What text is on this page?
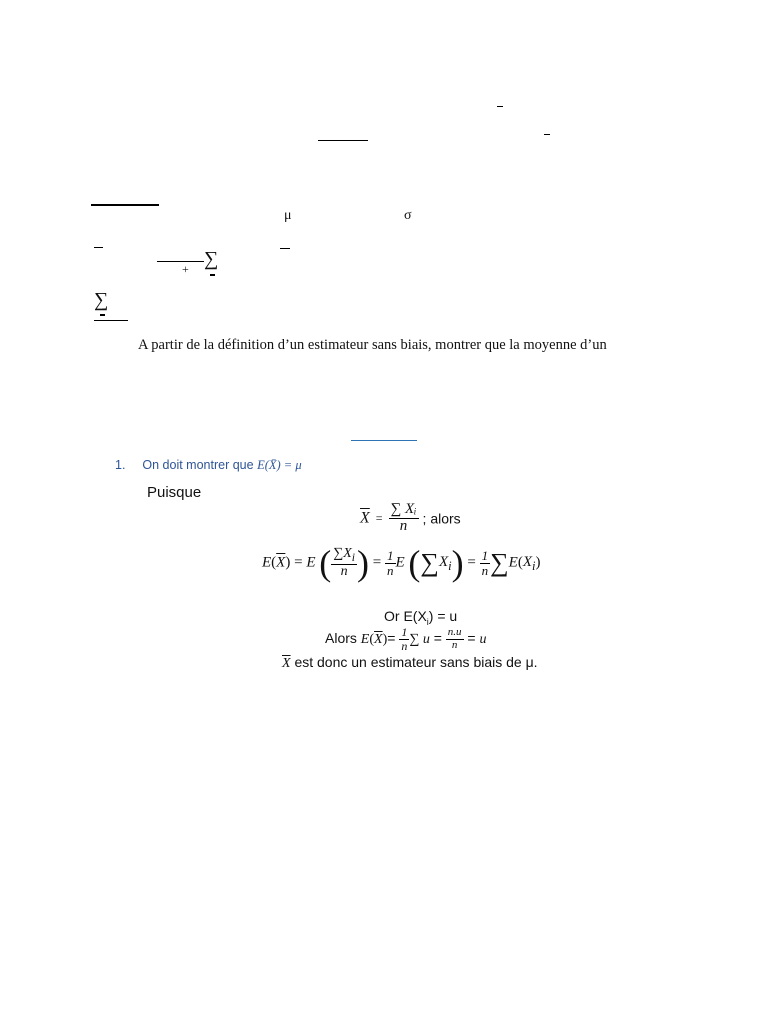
μ	σ
+ ∑
∑
A partir de la définition d’un estimateur sans biais, montrer que la moyenne d’un
1. On doit montrer que E(X̄) = μ
Puisque
$\overline{X} = \frac{\text{∑ Xᵢ}}{n}$ ; alors
$E(\overline{X}) = E$ ( $\frac{\sum X_i}{n}$ ) = $\frac{1}{n}$ E $(\sum X_i) = \frac{1}{n} \sum E(X_i)$
Or $E(X_i) = u$
Alors $E(\overline{X})= \frac{1}{n}$ ∑ $u = \frac{n.u}{n} = u$
$\overline{X}$ est donc un estimateur sans biais de μ.
